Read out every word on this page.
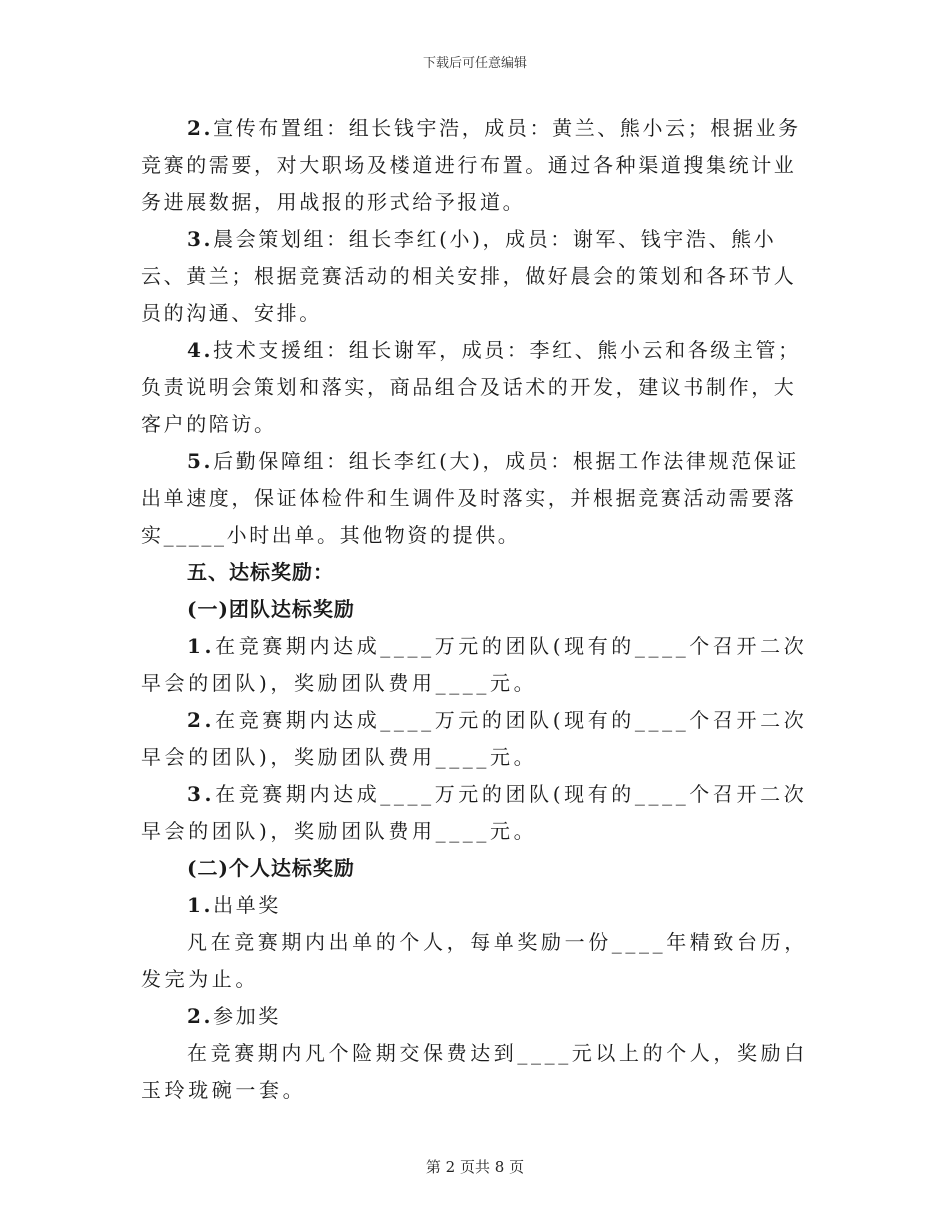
下载后可任意编辑

2.宣传布置组：组长钱宇浩，成员：黄兰、熊小云；根据业务竞赛的需要，对大职场及楼道进行布置。通过各种渠道搜集统计业务进展数据，用战报的形式给予报道。

3.晨会策划组：组长李红(小)，成员：谢军、钱宇浩、熊小云、黄兰；根据竞赛活动的相关安排，做好晨会的策划和各环节人员的沟通、安排。

4.技术支援组：组长谢军，成员：李红、熊小云和各级主管；负责说明会策划和落实，商品组合及话术的开发，建议书制作，大客户的陪访。

5.后勤保障组：组长李红(大)，成员：根据工作法律规范保证出单速度，保证体检件和生调件及时落实，并根据竞赛活动需要落实_____小时出单。其他物资的提供。

五、达标奖励：

(一)团队达标奖励

1.在竞赛期内达成____万元的团队(现有的____个召开二次早会的团队)，奖励团队费用____元。

2.在竞赛期内达成____万元的团队(现有的____个召开二次早会的团队)，奖励团队费用____元。

3.在竞赛期内达成____万元的团队(现有的____个召开二次早会的团队)，奖励团队费用____元。

(二)个人达标奖励

1.出单奖

凡在竞赛期内出单的个人，每单奖励一份____年精致台历，发完为止。

2.参加奖

在竞赛期内凡个险期交保费达到____元以上的个人，奖励白玉玲珑碗一套。

第 2 页共 8 页
